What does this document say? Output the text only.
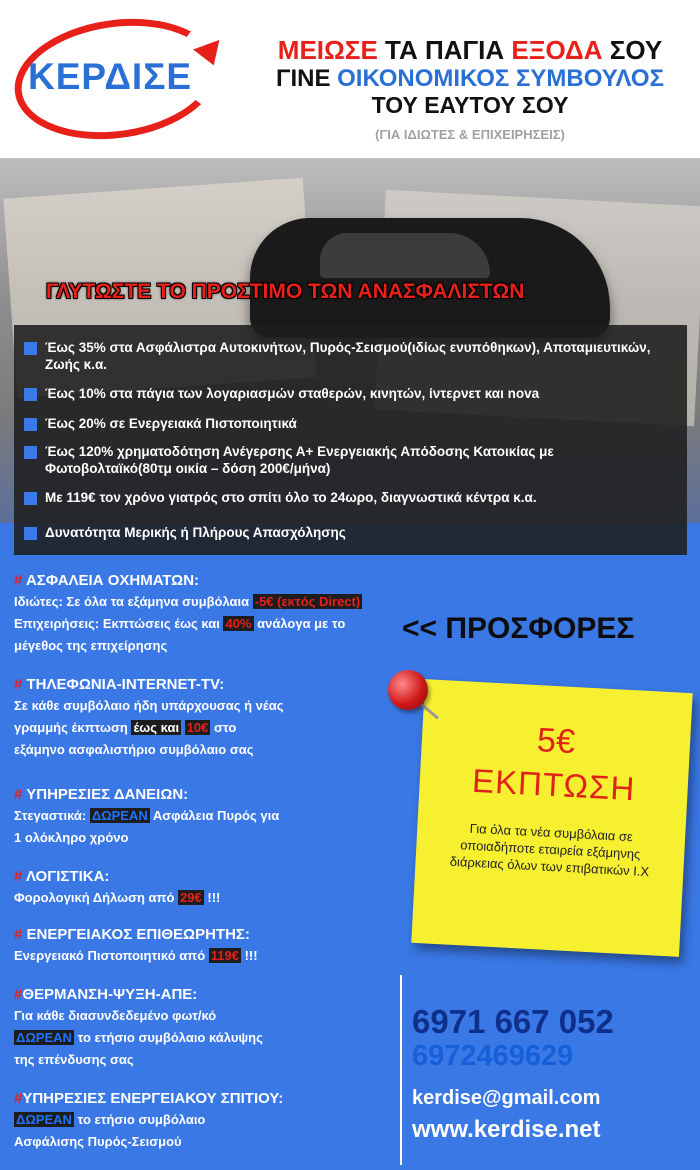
ΚΕΡΔΙΣΕ
ΜΕΙΩΣΕ ΤΑ ΠΑΓΙΑ ΕΞΟΔΑ ΣΟΥ
ΓΙΝΕ ΟΙΚΟΝΟΜΙΚΟΣ ΣΥΜΒΟΥΛΟΣ
ΤΟΥ ΕΑΥΤΟΥ ΣΟΥ
(ΓΙΑ ΙΔΙΩΤΕΣ & ΕΠΙΧΕΙΡΗΣΕΙΣ)
ΓΛΥΤΩΣΤΕ ΤΟ ΠΡΟΣΤΙΜΟ ΤΩΝ ΑΝΑΣΦΑΛΙΣΤΩΝ
Έως 35% στα Ασφάλιστρα Αυτοκινήτων, Πυρός-Σεισμού(ιδίως ενυπόθηκων), Αποταμιευτικών, Ζωής κ.α.
Έως 10% στα πάγια των λογαριασμών σταθερών, κινητών, ίντερνετ και nova
Έως 20% σε Ενεργειακά Πιστοποιητικά
Έως 120% χρηματοδότηση Ανέγερσης Α+ Ενεργειακής Απόδοσης Κατοικίας με Φωτοβολταϊκό(80τμ οικία – δόση 200€/μήνα)
Με 119€ τον χρόνο γιατρός στο σπίτι όλο το 24ωρο, διαγνωστικά κέντρα κ.α.
Δυνατότητα Μερικής ή Πλήρους Απασχόλησης
# ΑΣΦΑΛΕΙΑ ΟΧΗΜΑΤΩΝ:
Ιδιώτες: Σε όλα τα εξάμηνα συμβόλαια -5€ (εκτός Direct)
Επιχειρήσεις: Εκπτώσεις έως και 40% ανάλογα με το
μέγεθος της επιχείρησης
# ΤΗΛΕΦΩΝΙΑ-INTERNET-TV:
Σε κάθε συμβόλαιο ήδη υπάρχουσας ή νέας
γραμμής έκπτωση έως και 10€ στο
εξάμηνο ασφαλιστήριο συμβόλαιο σας
# ΥΠΗΡΕΣΙΕΣ ΔΑΝΕΙΩΝ:
Στεγαστικά: ΔΩΡΕΑΝ Ασφάλεια Πυρός για
1 ολόκληρο χρόνο
# ΛΟΓΙΣΤΙΚΑ:
Φορολογική Δήλωση από 29€ !!!
# ΕΝΕΡΓΕΙΑΚΟΣ ΕΠΙΘΕΩΡΗΤΗΣ:
Ενεργειακό Πιστοποιητικό από 119€ !!!
#ΘΕΡΜΑΝΣΗ-ΨΥΞΗ-ΑΠΕ:
Για κάθε διασυνδεδεμένο φωτ/κό
ΔΩΡΕΑΝ το ετήσιο συμβόλαιο κάλυψης
της επένδυσης σας
#ΥΠΗΡΕΣΙΕΣ ΕΝΕΡΓΕΙΑΚΟΥ ΣΠΙΤΙΟΥ:
ΔΩΡΕΑΝ το ετήσιο συμβόλαιο
Ασφάλισης Πυρός-Σεισμού
<< ΠΡΟΣΦΟΡΕΣ
5€
ΕΚΠΤΩΣΗ
Για όλα τα νέα συμβόλαια σε οποιαδήποτε εταιρεία εξάμηνης διάρκειας όλων των επιβατικών Ι.Χ
6971 667 052
6972469629
kerdise@gmail.com
www.kerdise.net
